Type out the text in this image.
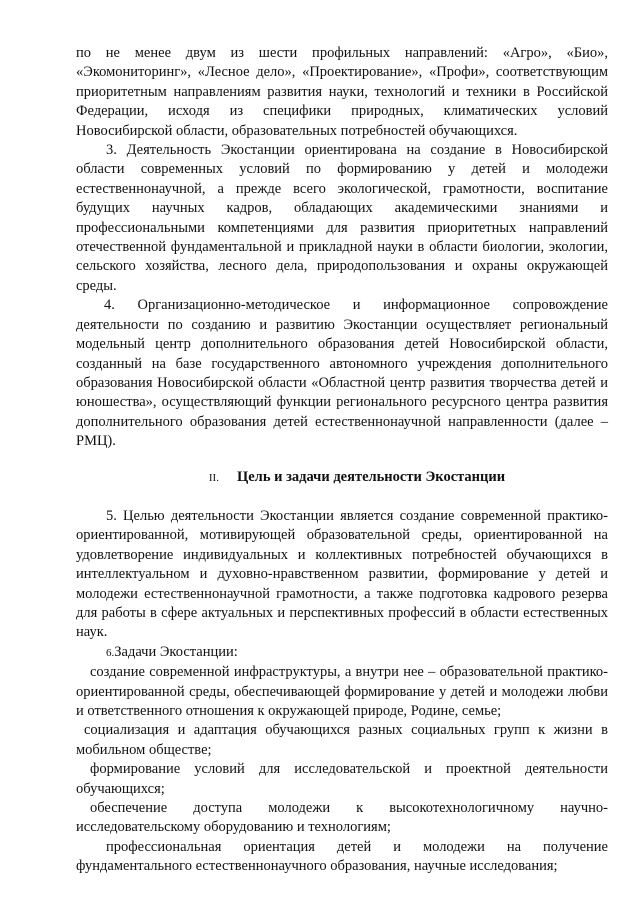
по не менее двум из шести профильных направлений: «Агро», «Био», «Экомониторинг», «Лесное дело», «Проектирование», «Профи», соответствующим приоритетным направлениям развития науки, технологий и техники в Российской Федерации, исходя из специфики природных, климатических условий Новосибирской области, образовательных потребностей обучающихся.

3. Деятельность Экостанции ориентирована на создание в Новосибирской области современных условий по формированию у детей и молодежи естественнонаучной, а прежде всего экологической, грамотности, воспитание будущих научных кадров, обладающих академическими знаниями и профессиональными компетенциями для развития приоритетных направлений отечественной фундаментальной и прикладной науки в области биологии, экологии, сельского хозяйства, лесного дела, природопользования и охраны окружающей среды.

4. Организационно-методическое и информационное сопровождение деятельности по созданию и развитию Экостанции осуществляет региональный модельный центр дополнительного образования детей Новосибирской области, созданный на базе государственного автономного учреждения дополнительного образования Новосибирской области «Областной центр развития творчества детей и юношества», осуществляющий функции регионального ресурсного центра развития дополнительного образования детей естественнонаучной направленности (далее – РМЦ).

II. Цель и задачи деятельности Экостанции

5. Целью деятельности Экостанции является создание современной практико-ориентированной, мотивирующей образовательной среды, ориентированной на удовлетворение индивидуальных и коллективных потребностей обучающихся в интеллектуальном и духовно-нравственном развитии, формирование у детей и молодежи естественнонаучной грамотности, а также подготовка кадрового резерва для работы в сфере актуальных и перспективных профессий в области естественных наук.

6.Задачи Экостанции:

создание современной инфраструктуры, а внутри нее – образовательной практико-ориентированной среды, обеспечивающей формирование у детей и молодежи любви и ответственного отношения к окружающей природе, Родине, семье;

социализация и адаптация обучающихся разных социальных групп к жизни в мобильном обществе;

формирование условий для исследовательской и проектной деятельности обучающихся;

обеспечение доступа молодежи к высокотехнологичному научно-исследовательскому оборудованию и технологиям;

профессиональная ориентация детей и молодежи на получение фундаментального естественнонаучного образования, научные исследования;
